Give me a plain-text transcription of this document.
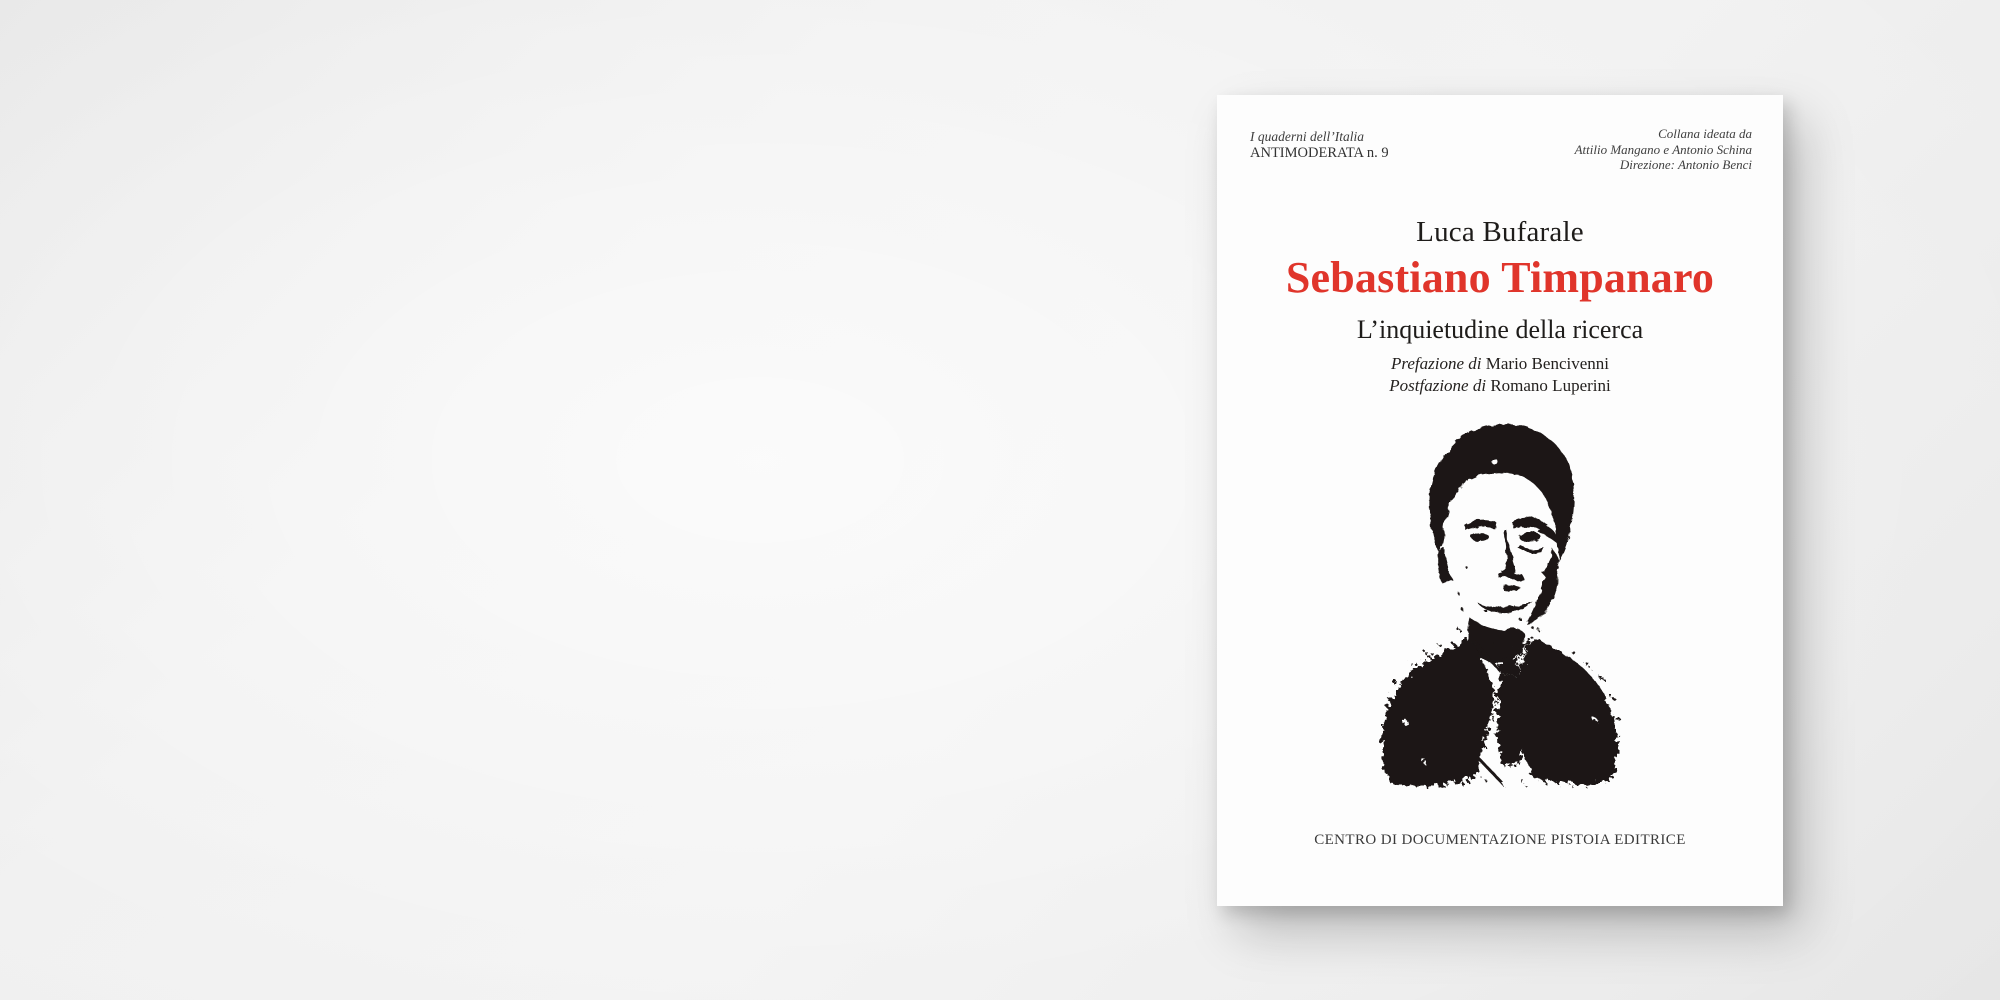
I quaderni dell’Italia
ANTIMODERATA n. 9
Collana ideata da
Attilio Mangano e Antonio Schina
Direzione: Antonio Benci
Luca Bufarale
Sebastiano Timpanaro
L’inquietudine della ricerca
Prefazione di Mario Bencivenni
Postfazione di Romano Luperini
CENTRO DI DOCUMENTAZIONE PISTOIA EDITRICE
